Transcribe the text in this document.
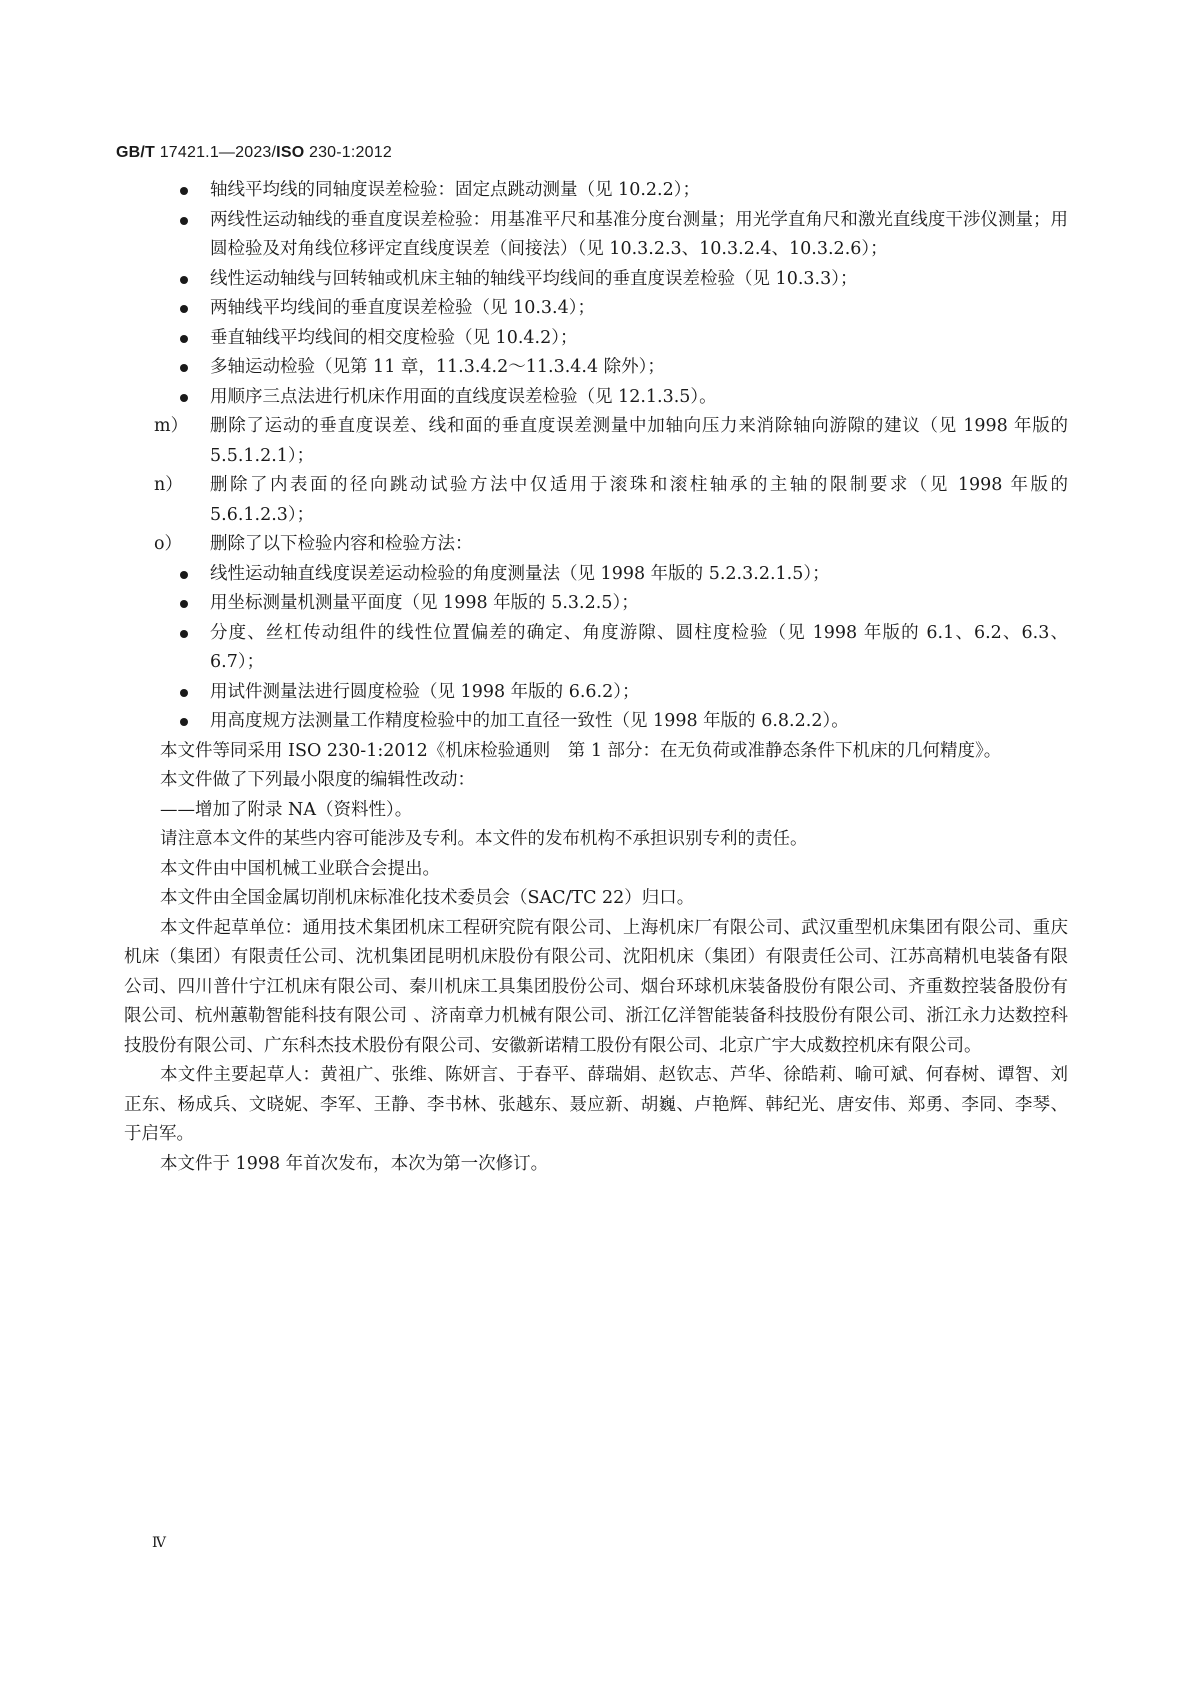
GB/T 17421.1—2023/ISO 230-1:2012
轴线平均线的同轴度误差检验：固定点跳动测量（见 10.2.2）；
两线性运动轴线的垂直度误差检验：用基准平尺和基准分度台测量；用光学直角尺和激光直线度干涉仪测量；用圆检验及对角线位移评定直线度误差（间接法）（见 10.3.2.3、10.3.2.4、10.3.2.6）；
线性运动轴线与回转轴或机床主轴的轴线平均线间的垂直度误差检验（见 10.3.3）；
两轴线平均线间的垂直度误差检验（见 10.3.4）；
垂直轴线平均线间的相交度检验（见 10.4.2）；
多轴运动检验（见第 11 章，11.3.4.2～11.3.4.4 除外）；
用顺序三点法进行机床作用面的直线度误差检验（见 12.1.3.5）。
m） 删除了运动的垂直度误差、线和面的垂直度误差测量中加轴向压力来消除轴向游隙的建议（见 1998 年版的 5.5.1.2.1）；
n） 删除了内表面的径向跳动试验方法中仅适用于滚珠和滚柱轴承的主轴的限制要求（见 1998 年版的 5.6.1.2.3）；
o） 删除了以下检验内容和检验方法：
线性运动轴直线度误差运动检验的角度测量法（见 1998 年版的 5.2.3.2.1.5）；
用坐标测量机测量平面度（见 1998 年版的 5.3.2.5）；
分度、丝杠传动组件的线性位置偏差的确定、角度游隙、圆柱度检验（见 1998 年版的 6.1、6.2、6.3、6.7）；
用试件测量法进行圆度检验（见 1998 年版的 6.6.2）；
用高度规方法测量工作精度检验中的加工直径一致性（见 1998 年版的 6.8.2.2）。

本文件等同采用 ISO 230-1:2012《机床检验通则　第 1 部分：在无负荷或准静态条件下机床的几何精度》。

本文件做了下列最小限度的编辑性改动：

——增加了附录 NA（资料性）。

请注意本文件的某些内容可能涉及专利。本文件的发布机构不承担识别专利的责任。

本文件由中国机械工业联合会提出。

本文件由全国金属切削机床标准化技术委员会（SAC/TC 22）归口。

本文件起草单位：通用技术集团机床工程研究院有限公司、上海机床厂有限公司、武汉重型机床集团有限公司、重庆机床（集团）有限责任公司、沈机集团昆明机床股份有限公司、沈阳机床（集团）有限责任公司、江苏高精机电装备有限公司、四川普什宁江机床有限公司、秦川机床工具集团股份公司、烟台环球机床装备股份有限公司、齐重数控装备股份有限公司、杭州蕙勒智能科技有限公司 、济南章力机械有限公司、浙江亿洋智能装备科技股份有限公司、浙江永力达数控科技股份有限公司、广东科杰技术股份有限公司、安徽新诺精工股份有限公司、北京广宇大成数控机床有限公司。

本文件主要起草人：黄祖广、张维、陈妍言、于春平、薛瑞娟、赵钦志、芦华、徐皓莉、喻可斌、何春树、谭智、刘正东、杨成兵、文晓妮、李军、王静、李书林、张越东、聂应新、胡巍、卢艳辉、韩纪光、唐安伟、郑勇、李同、李琴、于启军。

本文件于 1998 年首次发布，本次为第一次修订。

Ⅳ
